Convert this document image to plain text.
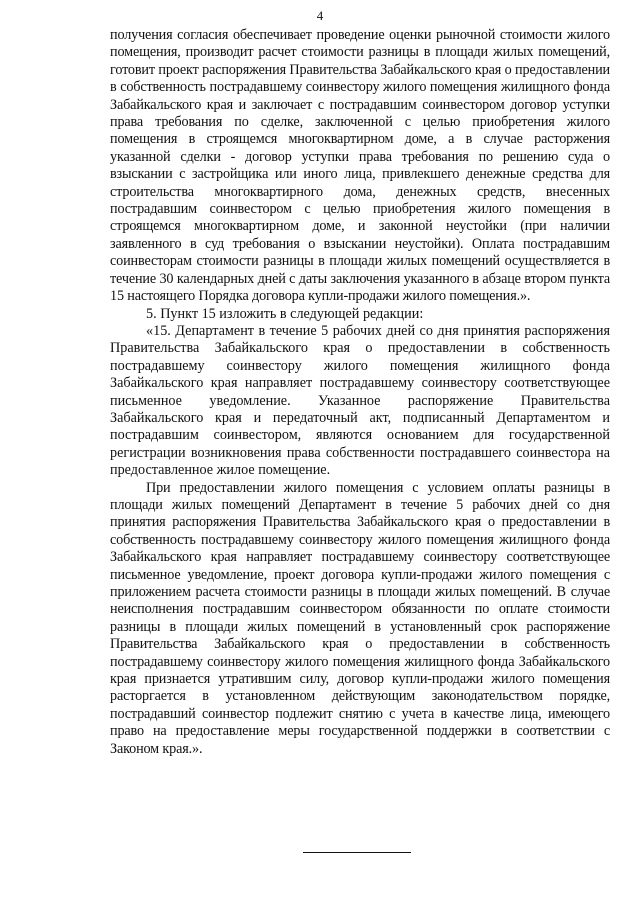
4

получения согласия обеспечивает проведение оценки рыночной стоимости жилого помещения, производит расчет стоимости разницы в площади жилых помещений, готовит проект распоряжения Правительства Забайкальского края о предоставлении в собственность пострадавшему соинвестору жилого помещения жилищного фонда Забайкальского края и заключает с пострадавшим соинвестором договор уступки права требования по сделке, заключенной с целью приобретения жилого помещения в строящемся многоквартирном доме, а в случае расторжения указанной сделки - договор уступки права требования по решению суда о взыскании с застройщика или иного лица, привлекшего денежные средства для строительства многоквартирного дома, денежных средств, внесенных пострадавшим соинвестором с целью приобретения жилого помещения в строящемся многоквартирном доме, и законной неустойки (при наличии заявленного в суд требования о взыскании неустойки). Оплата пострадавшим соинвесторам стоимости разницы в площади жилых помещений осуществляется в течение 30 календарных дней с даты заключения указанного в абзаце втором пункта 15 настоящего Порядка договора купли-продажи жилого помещения.».

5. Пункт 15 изложить в следующей редакции:

«15. Департамент в течение 5 рабочих дней со дня принятия распоряжения Правительства Забайкальского края о предоставлении в собственность пострадавшему соинвестору жилого помещения жилищного фонда Забайкальского края направляет пострадавшему соинвестору соответствующее письменное уведомление. Указанное распоряжение Правительства Забайкальского края и передаточный акт, подписанный Департаментом и пострадавшим соинвестором, являются основанием для государственной регистрации возникновения права собственности пострадавшего соинвестора на предоставленное жилое помещение.

При предоставлении жилого помещения с условием оплаты разницы в площади жилых помещений Департамент в течение 5 рабочих дней со дня принятия распоряжения Правительства Забайкальского края о предоставлении в собственность пострадавшему соинвестору жилого помещения жилищного фонда Забайкальского края направляет пострадавшему соинвестору соответствующее письменное уведомление, проект договора купли-продажи жилого помещения с приложением расчета стоимости разницы в площади жилых помещений. В случае неисполнения пострадавшим соинвестором обязанности по оплате стоимости разницы в площади жилых помещений в установленный срок распоряжение Правительства Забайкальского края о предоставлении в собственность пострадавшему соинвестору жилого помещения жилищного фонда Забайкальского края признается утратившим силу, договор купли-продажи жилого помещения расторгается в установленном действующим законодательством порядке, пострадавший соинвестор подлежит снятию с учета в качестве лица, имеющего право на предоставление меры государственной поддержки в соответствии с Законом края.».
